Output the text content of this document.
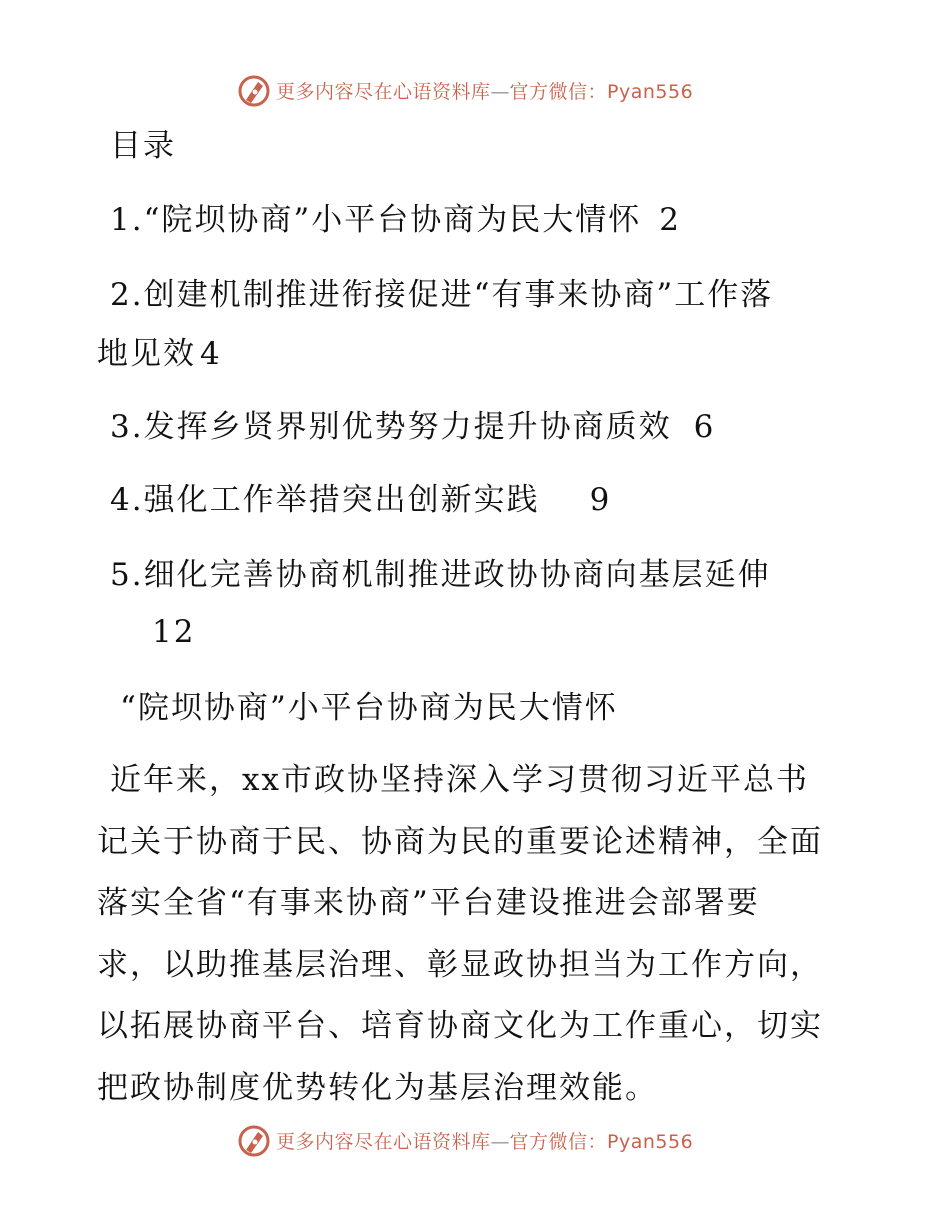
更多内容尽在心语资料库—官方微信：Pyan556
目录
1.“院坝协商”小平台协商为民大情怀 2
2.创建机制推进衔接促进“有事来协商”工作落
地见效 4
3.发挥乡贤界别优势努力提升协商质效 6
4.强化工作举措突出创新实践 9
5.细化完善协商机制推进政协协商向基层延伸
12
“院坝协商”小平台协商为民大情怀
近年来，xx市政协坚持深入学习贯彻习近平总书
记关于协商于民、协商为民的重要论述精神，全面
落实全省“有事来协商”平台建设推进会部署要
求，以助推基层治理、彰显政协担当为工作方向，
以拓展协商平台、培育协商文化为工作重心，切实
把政协制度优势转化为基层治理效能。
更多内容尽在心语资料库—官方微信：Pyan556
